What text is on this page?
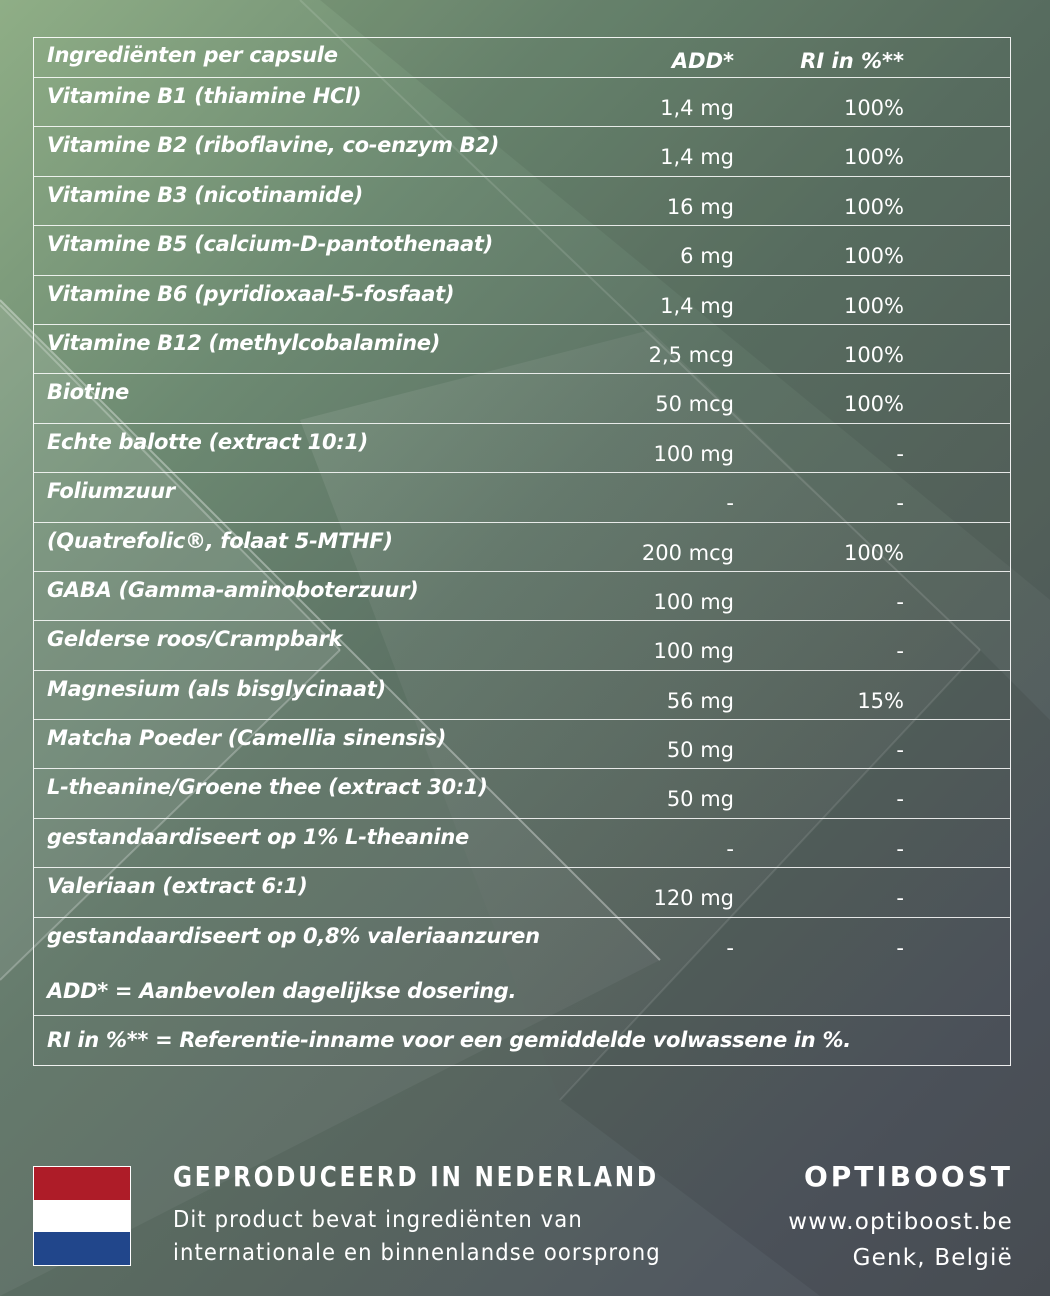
Ingrediënten per capsule	ADD*	RI in %**
Vitamine B1 (thiamine HCl)	1,4 mg	100%
Vitamine B2 (riboflavine, co-enzym B2)	1,4 mg	100%
Vitamine B3 (nicotinamide)	16 mg	100%
Vitamine B5 (calcium-D-pantothenaat)	6 mg	100%
Vitamine B6 (pyridioxaal-5-fosfaat)	1,4 mg	100%
Vitamine B12 (methylcobalamine)	2,5 mcg	100%
Biotine	50 mcg	100%
Echte balotte (extract 10:1)	100 mg	-
Foliumzuur	-	-
(Quatrefolic®, folaat 5-MTHF)	200 mcg	100%
GABA (Gamma-aminoboterzuur)	100 mg	-
Gelderse roos/Crampbark	100 mg	-
Magnesium (als bisglycinaat)	56 mg	15%
Matcha Poeder (Camellia sinensis)	50 mg	-
L-theanine/Groene thee (extract 30:1)	50 mg	-
gestandaardiseert op 1% L-theanine	-	-
Valeriaan (extract 6:1)	120 mg	-
gestandaardiseert op 0,8% valeriaanzuren	-	-
ADD* = Aanbevolen dagelijkse dosering.
RI in %** = Referentie-inname voor een gemiddelde volwassene in %.
GEPRODUCEERD IN NEDERLAND
Dit product bevat ingrediënten van
internationale en binnenlandse oorsprong
OPTIBOOST
www.optiboost.be
Genk, België
